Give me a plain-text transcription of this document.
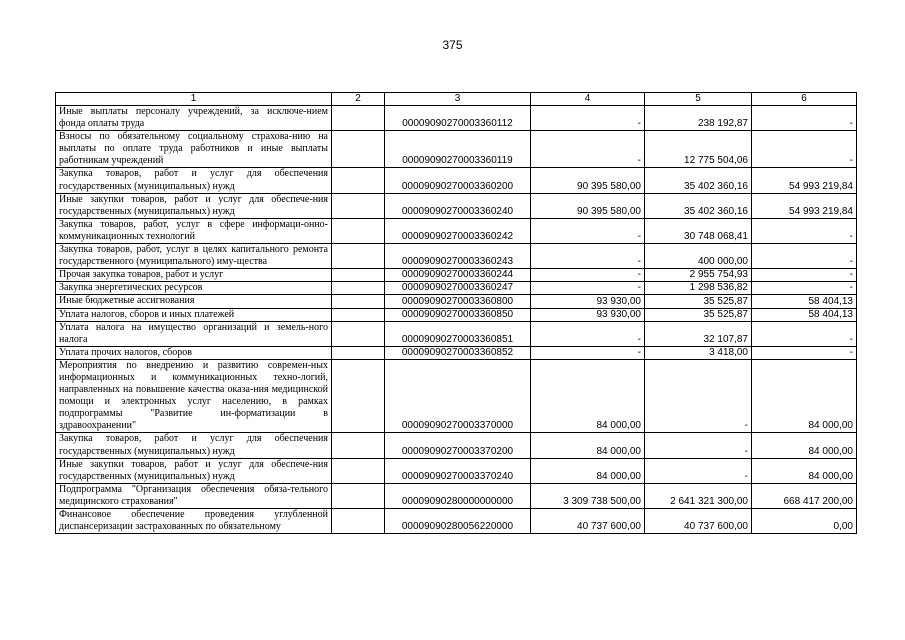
375
1	2	3	4	5	6
Иные выплаты персоналу учреждений, за исключе-нием фонда оплаты труда		00009090270003360112	-	238 192,87	-
Взносы по обязательному социальному страхова-нию на выплаты по оплате труда работников и иные выплаты работникам учреждений		00009090270003360119	-	12 775 504,06	-
Закупка товаров, работ и услуг для обеспечения государственных (муниципальных) нужд		00009090270003360200	90 395 580,00	35 402 360,16	54 993 219,84
Иные закупки товаров, работ и услуг для обеспече-ния государственных (муниципальных) нужд		00009090270003360240	90 395 580,00	35 402 360,16	54 993 219,84
Закупка товаров, работ, услуг в сфере информаци-онно-коммуникационных технологий		00009090270003360242	-	30 748 068,41	-
Закупка товаров, работ, услуг в целях капитального ремонта государственного (муниципального) иму-щества		00009090270003360243	-	400 000,00	-
Прочая закупка товаров, работ и услуг		00009090270003360244	-	2 955 754,93	-
Закупка энергетических ресурсов		00009090270003360247	-	1 298 536,82	-
Иные бюджетные ассигнования		00009090270003360800	93 930,00	35 525,87	58 404,13
Уплата налогов, сборов и иных платежей		00009090270003360850	93 930,00	35 525,87	58 404,13
Уплата налога на имущество организаций и земель-ного налога		00009090270003360851	-	32 107,87	-
Уплата прочих налогов, сборов		00009090270003360852	-	3 418,00	-
Мероприятия по внедрению и развитию современ-ных информационных и коммуникационных техно-логий, направленных на повышение качества оказа-ния медицинской помощи и электронных услуг населению, в рамках подпрограммы "Развитие ин-форматизации в здравоохранении"		00009090270003370000	84 000,00	-	84 000,00
Закупка товаров, работ и услуг для обеспечения государственных (муниципальных) нужд		00009090270003370200	84 000,00	-	84 000,00
Иные закупки товаров, работ и услуг для обеспече-ния государственных (муниципальных) нужд		00009090270003370240	84 000,00	-	84 000,00
Подпрограмма "Организация обеспечения обяза-тельного медицинского страхования"		00009090280000000000	3 309 738 500,00	2 641 321 300,00	668 417 200,00
Финансовое обеспечение проведения углубленной диспансеризации застрахованных по обязательному		00009090280056220000	40 737 600,00	40 737 600,00	0,00
